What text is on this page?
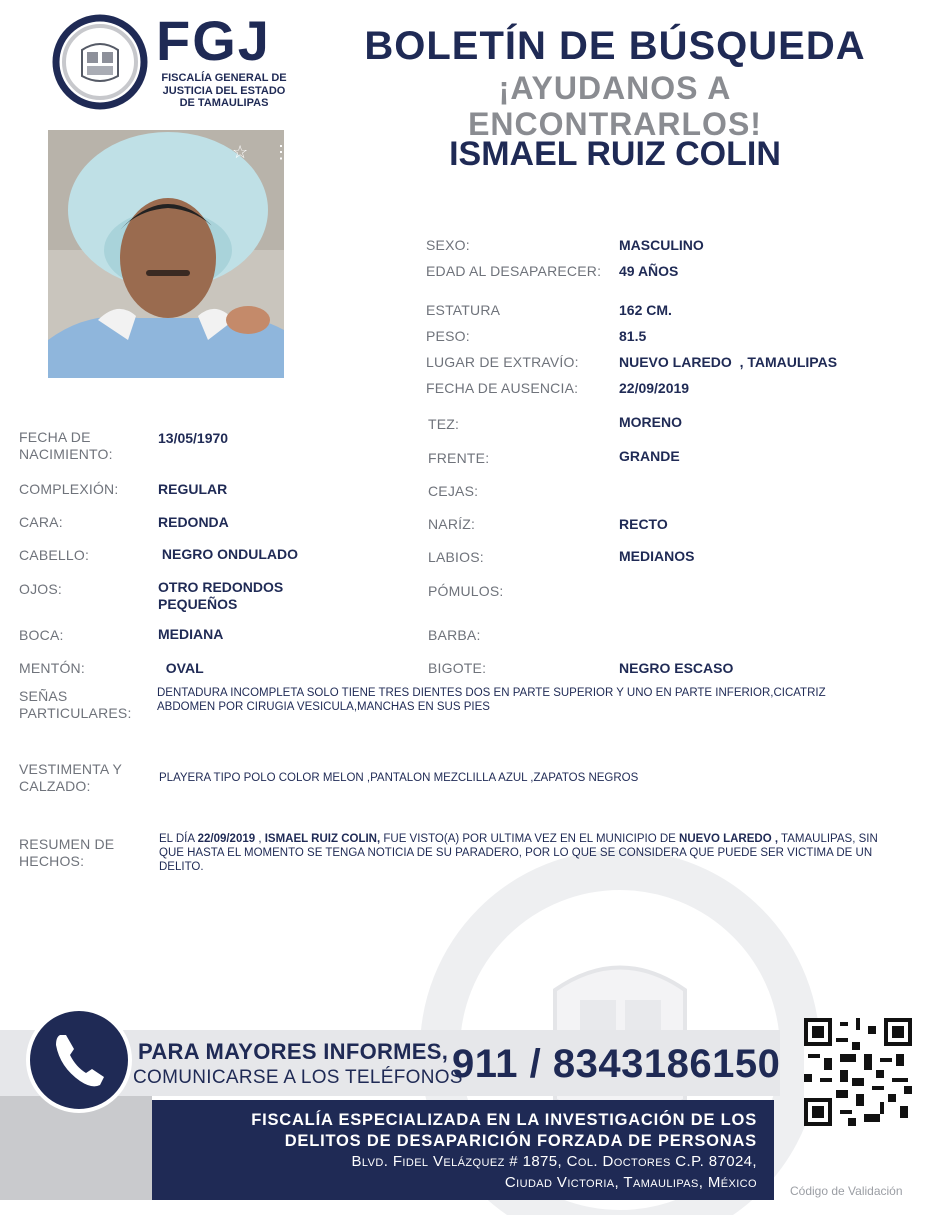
FGJ
FISCALÍA GENERAL DE JUSTICIA DEL ESTADO DE TAMAULIPAS
BOLETÍN DE BÚSQUEDA
¡AYUDANOS A ENCONTRARLOS!
ISMAEL RUIZ COLIN
☆ ⋮
SEXO:	MASCULINO
EDAD AL DESAPARECER: 49 AÑOS
ESTATURA	162 CM.
PESO:	81.5
LUGAR DE EXTRAVÍO:	NUEVO LAREDO  , TAMAULIPAS
FECHA DE AUSENCIA:	22/09/2019
FECHA DE NACIMIENTO:
13/05/1970
COMPLEXIÓN:	REGULAR
CARA:	REDONDA
CABELLO:	NEGRO ONDULADO
OJOS:	OTRO REDONDOS PEQUEÑOS
BOCA:	MEDIANA
MENTÓN:	OVAL
TEZ:	MORENO
FRENTE:	GRANDE
CEJAS:
NARÍZ:	RECTO
LABIOS:	MEDIANOS
PÓMULOS:
BARBA:
BIGOTE:	NEGRO ESCASO
SEÑAS PARTICULARES:
DENTADURA INCOMPLETA SOLO TIENE TRES DIENTES DOS EN PARTE SUPERIOR Y UNO EN PARTE INFERIOR,CICATRIZ ABDOMEN POR CIRUGIA VESICULA,MANCHAS EN SUS PIES
VESTIMENTA Y CALZADO:	PLAYERA TIPO POLO COLOR MELON ,PANTALON MEZCLILLA AZUL ,ZAPATOS NEGROS
RESUMEN DE HECHOS:
EL DÍA 22/09/2019 , ISMAEL RUIZ COLIN, FUE VISTO(A) POR ULTIMA VEZ EN EL MUNICIPIO DE NUEVO LAREDO , TAMAULIPAS, SIN QUE HASTA EL MOMENTO SE TENGA NOTICIA DE SU PARADERO, POR LO QUE SE CONSIDERA QUE PUEDE SER VICTIMA DE UN DELITO.
PARA MAYORES INFORMES,
COMUNICARSE A LOS TELÉFONOS
911 / 8343186150
FISCALÍA ESPECIALIZADA EN LA INVESTIGACIÓN DE LOS
DELITOS DE DESAPARICIÓN FORZADA DE PERSONAS
Blvd. Fidel Velázquez # 1875, Col. Doctores C.P. 87024,
Ciudad Victoria, Tamaulipas, México	Código de Validación
